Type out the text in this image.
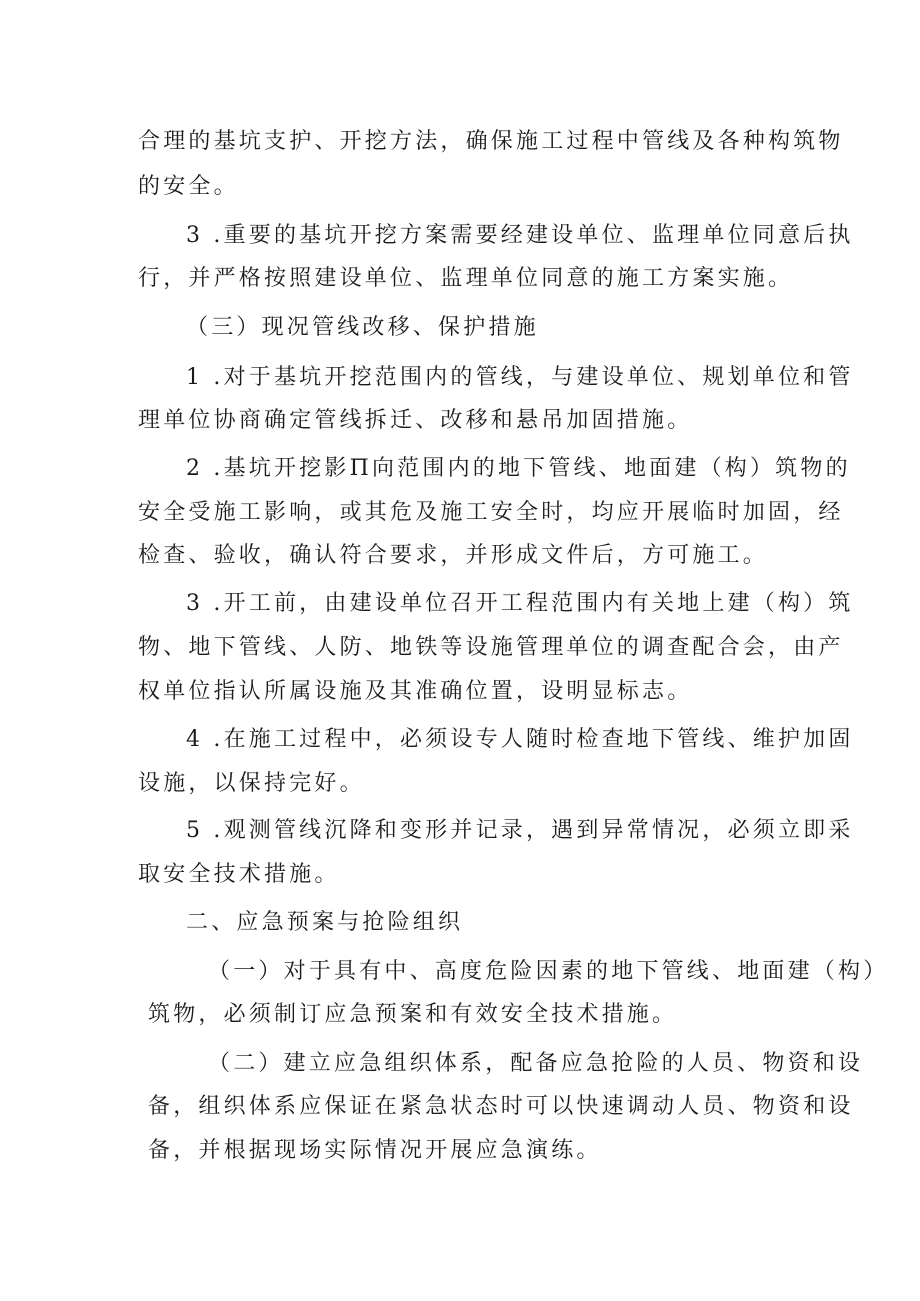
合理的基坑支护、开挖方法，确保施工过程中管线及各种构筑物
的安全。
3 .重要的基坑开挖方案需要经建设单位、监理单位同意后执
行，并严格按照建设单位、监理单位同意的施工方案实施。
（三）现况管线改移、保护措施
1 .对于基坑开挖范围内的管线，与建设单位、规划单位和管
理单位协商确定管线拆迁、改移和悬吊加固措施。
2 .基坑开挖影Π向范围内的地下管线、地面建（构）筑物的
安全受施工影响，或其危及施工安全时，均应开展临时加固，经
检查、验收，确认符合要求，并形成文件后，方可施工。
3 .开工前，由建设单位召开工程范围内有关地上建（构）筑
物、地下管线、人防、地铁等设施管理单位的调查配合会，由产
权单位指认所属设施及其准确位置，设明显标志。
4 .在施工过程中，必须设专人随时检查地下管线、维护加固
设施，以保持完好。
5 .观测管线沉降和变形并记录，遇到异常情况，必须立即采
取安全技术措施。
二、应急预案与抢险组织
（一）对于具有中、高度危险因素的地下管线、地面建（构）
筑物，必须制订应急预案和有效安全技术措施。
（二）建立应急组织体系，配备应急抢险的人员、物资和设
备，组织体系应保证在紧急状态时可以快速调动人员、物资和设
备，并根据现场实际情况开展应急演练。
